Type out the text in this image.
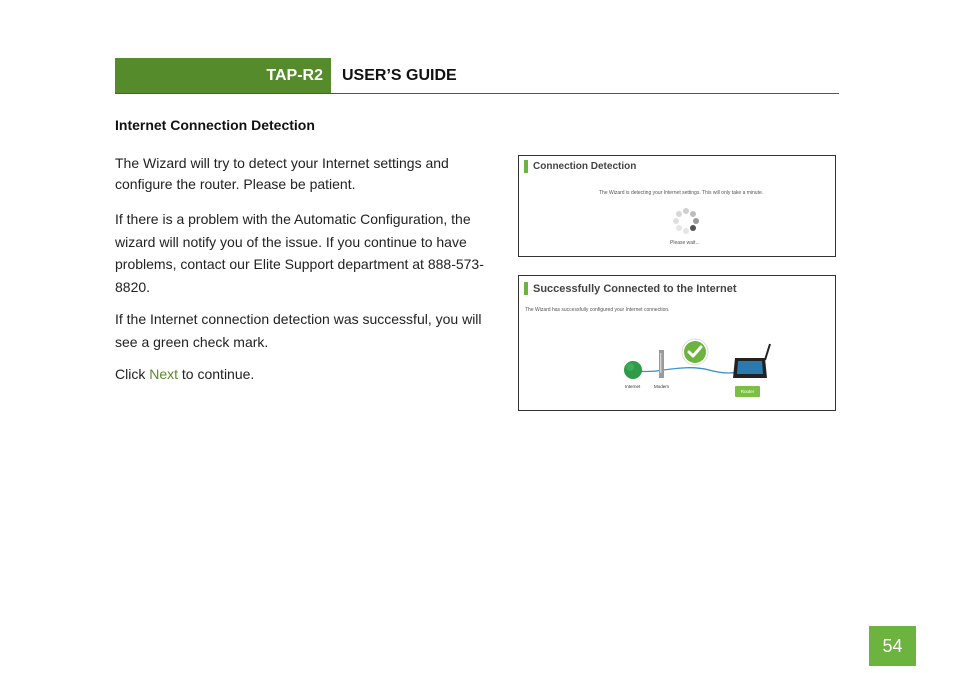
TAP-R2	USER’S GUIDE
Internet Connection Detection

The Wizard will try to detect your Internet settings and configure the router. Please be patient.

If there is a problem with the Automatic Configuration, the wizard will notify you of the issue. If you continue to have problems, contact our Elite Support department at 888-573-8820.

If the Internet connection detection was successful, you will see a green check mark.

Click Next to continue.

Connection Detection
The Wizard is detecting your Internet settings. This will only take a minute.
Please wait...
Successfully Connected to the Internet
The Wizard has successfully configured your Internet connection.
Internet	Modem
Router
54
